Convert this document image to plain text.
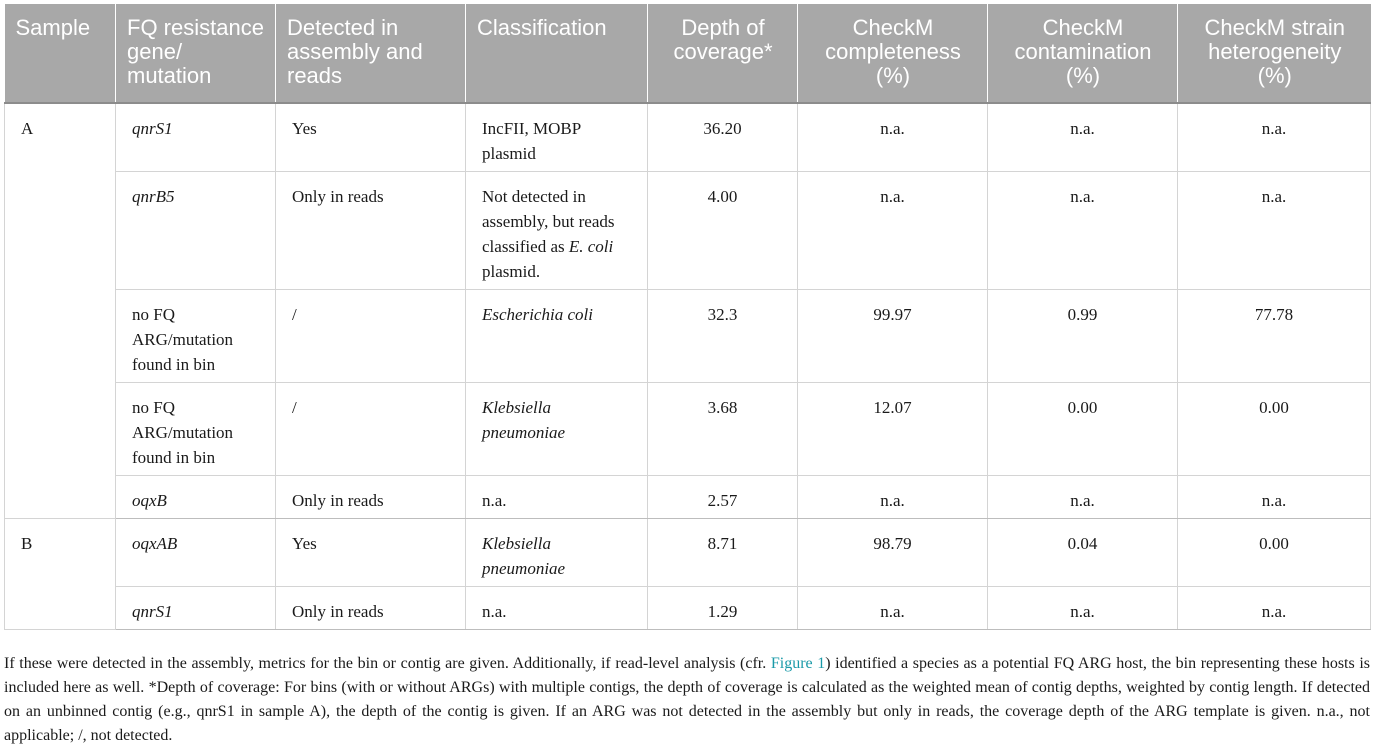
Sample	FQ resistance gene/ mutation	Detected in assembly and reads	Classification	Depth of coverage*	CheckM completeness (%)	CheckM contamination (%)	CheckM strain heterogeneity (%)
A	qnrS1	Yes	IncFII, MOBP plasmid	36.20	n.a.	n.a.	n.a.
	qnrB5	Only in reads	Not detected in assembly, but reads classified as E. coli plasmid.	4.00	n.a.	n.a.	n.a.
	no FQ ARG/mutation found in bin	/	Escherichia coli	32.3	99.97	0.99	77.78
	no FQ ARG/mutation found in bin	/	Klebsiella pneumoniae	3.68	12.07	0.00	0.00
	oqxB	Only in reads	n.a.	2.57	n.a.	n.a.	n.a.
B	oqxAB	Yes	Klebsiella pneumoniae	8.71	98.79	0.04	0.00
	qnrS1	Only in reads	n.a.	1.29	n.a.	n.a.	n.a.
If these were detected in the assembly, metrics for the bin or contig are given. Additionally, if read-level analysis (cfr. Figure 1) identified a species as a potential FQ ARG host, the bin representing these hosts is included here as well. *Depth of coverage: For bins (with or without ARGs) with multiple contigs, the depth of coverage is calculated as the weighted mean of contig depths, weighted by contig length. If detected on an unbinned contig (e.g., qnrS1 in sample A), the depth of the contig is given. If an ARG was not detected in the assembly but only in reads, the coverage depth of the ARG template is given. n.a., not applicable; /, not detected.
